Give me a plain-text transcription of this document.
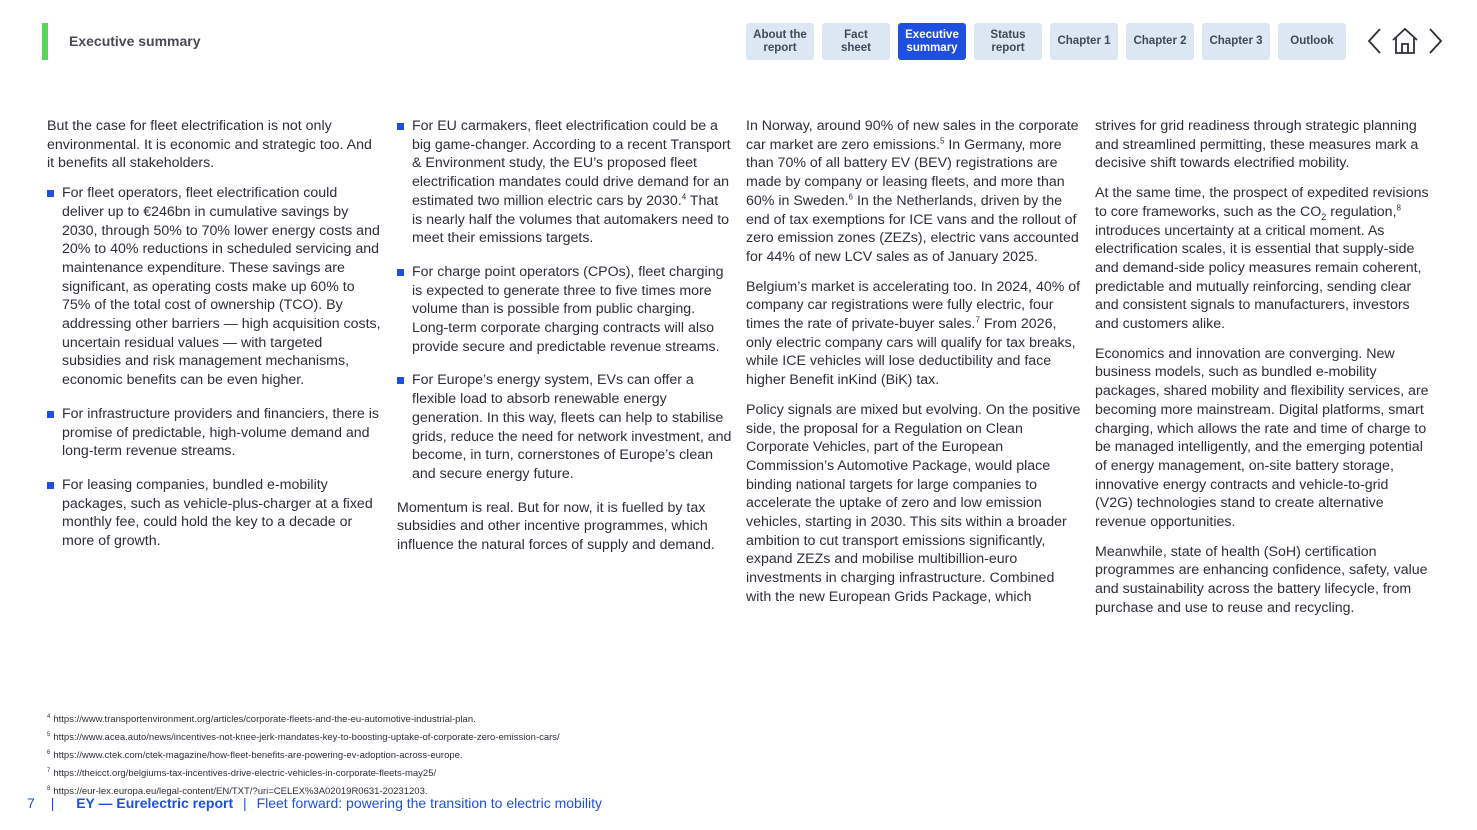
Executive summary	About the
report
Fact
sheet
Executive
summary
Status
report
Chapter 1 Chapter 2 Chapter 3 Outlook

But the case for fleet electrification is not only environmental. It is economic and strategic too. And it benefits all stakeholders.

For fleet operators, fleet electrification could deliver up to €246bn in cumulative savings by 2030, through 50% to 70% lower energy costs and 20% to 40% reductions in scheduled servicing and maintenance expenditure. These savings are significant, as operating costs make up 60% to 75% of the total cost of ownership (TCO). By addressing other barriers — high acquisition costs, uncertain residual values — with targeted subsidies and risk management mechanisms, economic benefits can be even higher.
For infrastructure providers and financiers, there is promise of predictable, high-volume demand and long-term revenue streams.
For leasing companies, bundled e-mobility packages, such as vehicle-plus-charger at a fixed monthly fee, could hold the key to a decade or more of growth.
For EU carmakers, fleet electrification could be a big game-changer. According to a recent Transport & Environment study, the EU’s proposed fleet electrification mandates could drive demand for an estimated two million electric cars by 2030.$^4$ That is nearly half the volumes that automakers need to meet their emissions targets.
For charge point operators (CPOs), fleet charging is expected to generate three to five times more volume than is possible from public charging. Long-term corporate charging contracts will also provide secure and predictable revenue streams.
For Europe’s energy system, EVs can offer a flexible load to absorb renewable energy generation. In this way, fleets can help to stabilise grids, reduce the need for network investment, and become, in turn, cornerstones of Europe’s clean and secure energy future.

Momentum is real. But for now, it is fuelled by tax subsidies and other incentive programmes, which influence the natural forces of supply and demand.

In Norway, around 90% of new sales in the corporate car market are zero emissions.$^5$ In Germany, more than 70% of all battery EV (BEV) registrations are made by company or leasing fleets, and more than 60% in Sweden.$^6$ In the Netherlands, driven by the end of tax exemptions for ICE vans and the rollout of zero emission zones (ZEZs), electric vans accounted for 44% of new LCV sales as of January 2025.

Belgium’s market is accelerating too. In 2024, 40% of company car registrations were fully electric, four times the rate of private-buyer sales.$^7$ From 2026, only electric company cars will qualify for tax breaks, while ICE vehicles will lose deductibility and face higher Benefit inKind (BiK) tax.

Policy signals are mixed but evolving. On the positive side, the proposal for a Regulation on Clean Corporate Vehicles, part of the European Commission’s Automotive Package, would place binding national targets for large companies to accelerate the uptake of zero and low emission vehicles, starting in 2030. This sits within a broader ambition to cut transport emissions significantly, expand ZEZs and mobilise multibillion-euro investments in charging infrastructure. Combined with the new European Grids Package, which

strives for grid readiness through strategic planning and streamlined permitting, these measures mark a decisive shift towards electrified mobility.

At the same time, the prospect of expedited revisions to core frameworks, such as the $CO_2$ regulation,$^8$ introduces uncertainty at a critical moment. As electrification scales, it is essential that supply-side and demand-side policy measures remain coherent, predictable and mutually reinforcing, sending clear and consistent signals to manufacturers, investors and customers alike.

Economics and innovation are converging. New business models, such as bundled e-mobility packages, shared mobility and flexibility services, are becoming more mainstream. Digital platforms, smart charging, which allows the rate and time of charge to be managed intelligently, and the emerging potential of energy management, on-site battery storage, innovative energy contracts and vehicle-to-grid (V2G) technologies stand to create alternative revenue opportunities.

Meanwhile, state of health (SoH) certification programmes are enhancing confidence, safety, value and sustainability across the battery lifecycle, from purchase and use to reuse and recycling.

$^4$ https://www.transportenvironment.org/articles/corporate-fleets-and-the-eu-automotive-industrial-plan.
$^5$ https://www.acea.auto/news/incentives-not-knee-jerk-mandates-key-to-boosting-uptake-of-corporate-zero-emission-cars/
$^6$ https://www.ctek.com/ctek-magazine/how-fleet-benefits-are-powering-ev-adoption-across-europe.
$^7$ https://theicct.org/belgiums-tax-incentives-drive-electric-vehicles-in-corporate-fleets-may25/
$^8$ https://eur-lex.europa.eu/legal-content/EN/TXT/?uri=CELEX%3A02019R0631-20231203.
7 | EY — Eurelectric report | Fleet forward: powering the transition to electric mobility
